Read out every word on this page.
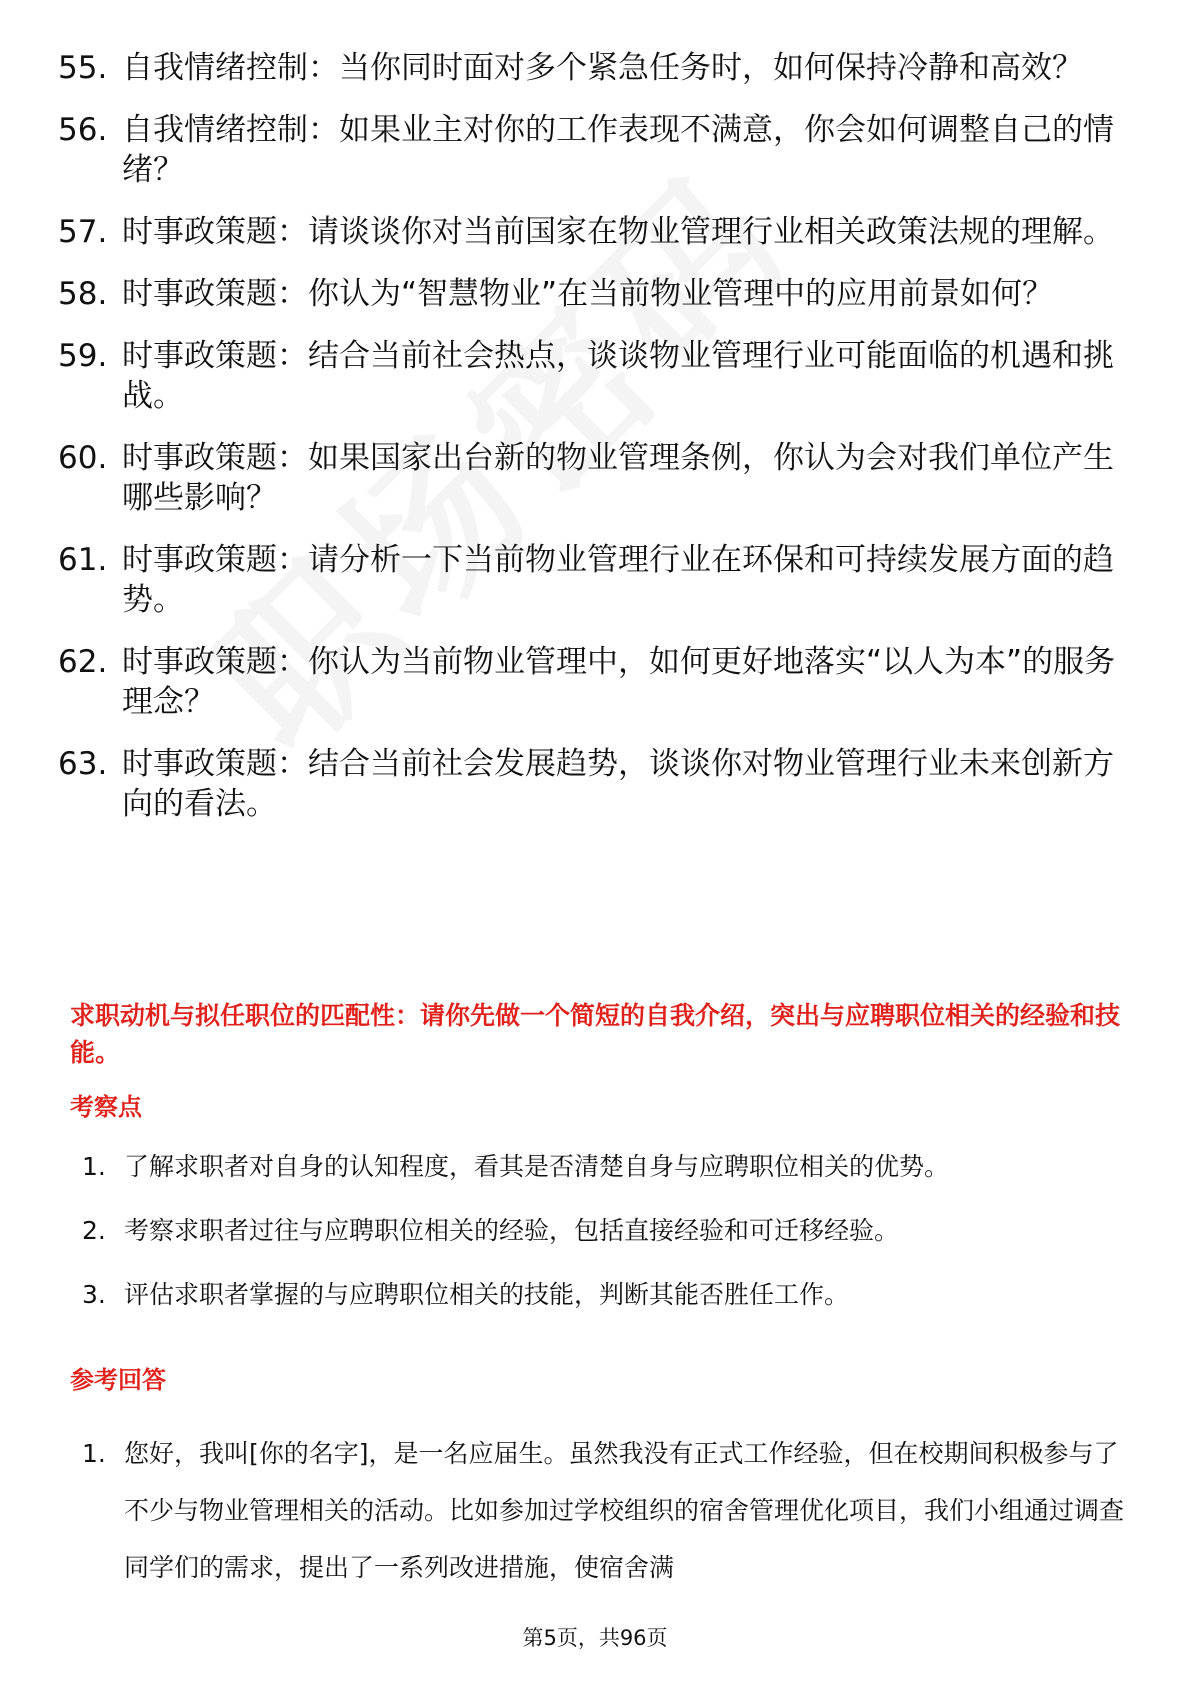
55. 自我情绪控制：当你同时面对多个紧急任务时，如何保持冷静和高效？
56. 自我情绪控制：如果业主对你的工作表现不满意，你会如何调整自己的情绪？
57. 时事政策题：请谈谈你对当前国家在物业管理行业相关政策法规的理解。
58. 时事政策题：你认为“智慧物业”在当前物业管理中的应用前景如何？
59. 时事政策题：结合当前社会热点，谈谈物业管理行业可能面临的机遇和挑战。
60. 时事政策题：如果国家出台新的物业管理条例，你认为会对我们单位产生哪些影响？
61. 时事政策题：请分析一下当前物业管理行业在环保和可持续发展方面的趋势。
62. 时事政策题：你认为当前物业管理中，如何更好地落实“以人为本”的服务理念？
63. 时事政策题：结合当前社会发展趋势，谈谈你对物业管理行业未来创新方向的看法。
求职动机与拟任职位的匹配性：请你先做一个简短的自我介绍，突出与应聘职位相关的经验和技能。
考察点
1. 了解求职者对自身的认知程度，看其是否清楚自身与应聘职位相关的优势。
2. 考察求职者过往与应聘职位相关的经验，包括直接经验和可迁移经验。
3. 评估求职者掌握的与应聘职位相关的技能，判断其能否胜任工作。
参考回答
1. 您好，我叫[你的名字]，是一名应届生。虽然我没有正式工作经验，但在校期间积极参与了不少与物业管理相关的活动。比如参加过学校组织的宿舍管理优化项目，我们小组通过调查同学们的需求，提出了一系列改进措施，使宿舍满
第5页，共96页
